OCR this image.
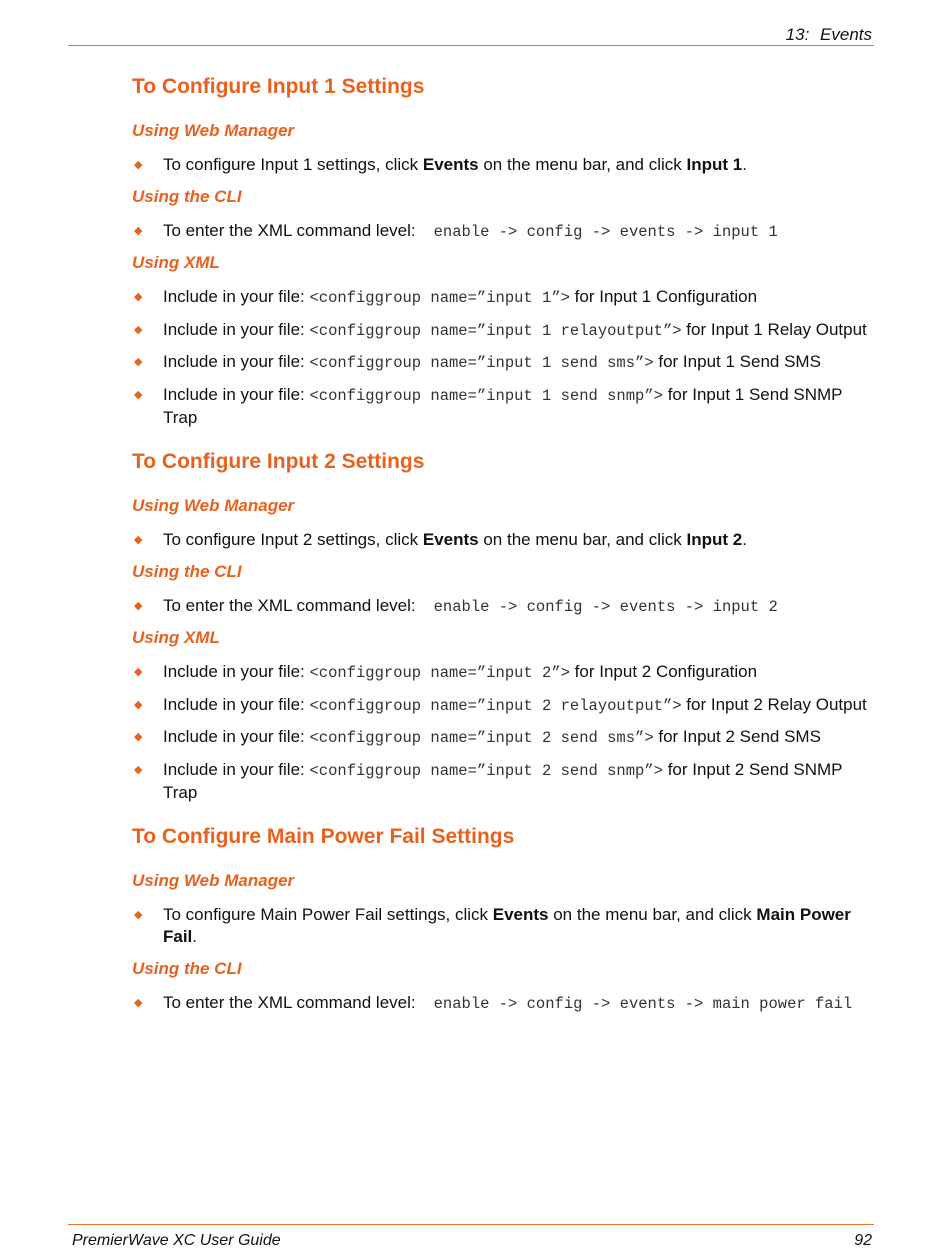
13: Events
To Configure Input 1 Settings
Using Web Manager
◆ To configure Input 1 settings, click Events on the menu bar, and click Input 1.
Using the CLI
◆ To enter the XML command level: enable -> config -> events -> input 1
Using XML
◆ Include in your file: <configgroup name=”input 1”> for Input 1 Configuration
◆ Include in your file: <configgroup name=”input 1 relayoutput”> for Input 1 Relay Output
◆ Include in your file: <configgroup name=”input 1 send sms”> for Input 1 Send SMS
◆ Include in your file: <configgroup name=”input 1 send snmp”> for Input 1 Send SNMP Trap
To Configure Input 2 Settings
Using Web Manager
◆ To configure Input 2 settings, click Events on the menu bar, and click Input 2.
Using the CLI
◆ To enter the XML command level: enable -> config -> events -> input 2
Using XML
◆ Include in your file: <configgroup name=”input 2”> for Input 2 Configuration
◆ Include in your file: <configgroup name=”input 2 relayoutput”> for Input 2 Relay Output
◆ Include in your file: <configgroup name=”input 2 send sms”> for Input 2 Send SMS
◆ Include in your file: <configgroup name=”input 2 send snmp”> for Input 2 Send SNMP Trap
To Configure Main Power Fail Settings
Using Web Manager
◆ To configure Main Power Fail settings, click Events on the menu bar, and click Main Power Fail.
Using the CLI
◆ To enter the XML command level: enable -> config -> events -> main power fail
PremierWave XC User Guide	92
